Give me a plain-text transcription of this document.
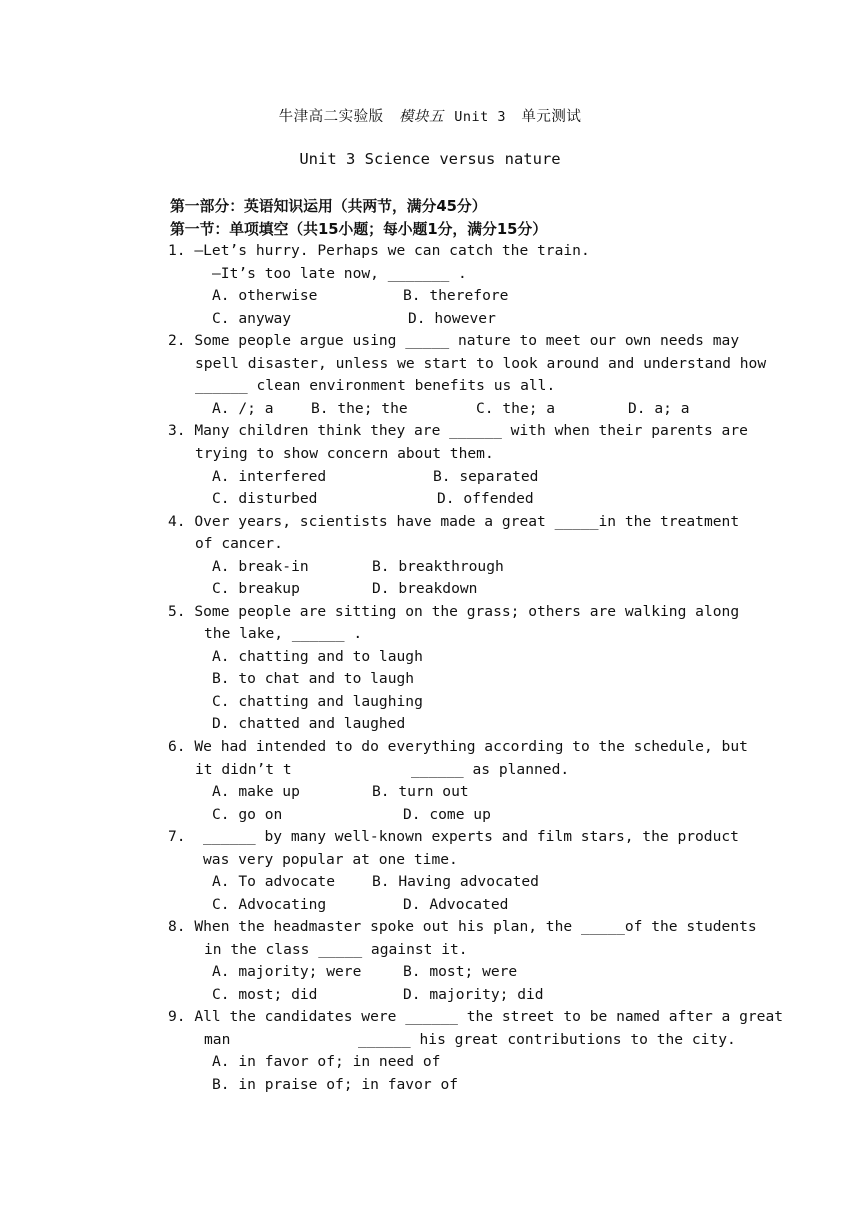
牛津高二实验版 模块五 Unit 3 单元测试
Unit 3 Science versus nature
第一部分：英语知识运用（共两节，满分45分）
第一节：单项填空（共15小题；每小题1分，满分15分）
1. —Let’s hurry. Perhaps we can catch the train.
—It’s too late now, _______ .
A. otherwise	B. therefore
C. anyway	D. however
2. Some people argue using _____ nature to meet our own needs may
spell disaster, unless we start to look around and understand how
______ clean environment benefits us all.
A. /; a	B. the; the	C. the; a	D. a; a
3. Many children think they are ______ with when their parents are
trying to show concern about them.
A. interfered	B. separated
C. disturbed	D. offended
4. Over years, scientists have made a great _____in the treatment
of cancer.
A. break-in	B. breakthrough
C. breakup	D. breakdown
5. Some people are sitting on the grass; others are walking along
the lake, ______ .
A. chatting and to laugh
B. to chat and to laugh
C. chatting and laughing
D. chatted and laughed
6. We had intended to do everything according to the schedule, but
it didn’t t	______ as planned.
A. make up	B. turn out
C. go on	D. come up
7. ______ by many well-known experts and film stars, the product
was very popular at one time.
A. To advocate	B. Having advocated
C. Advocating	D. Advocated
8. When the headmaster spoke out his plan, the _____of the students
in the class _____ against it.
A. majority; were	B. most; were
C. most; did	D. majority; did
9. All the candidates were ______ the street to be named after a great
man	______ his great contributions to the city.
A. in favor of; in need of
B. in praise of; in favor of
